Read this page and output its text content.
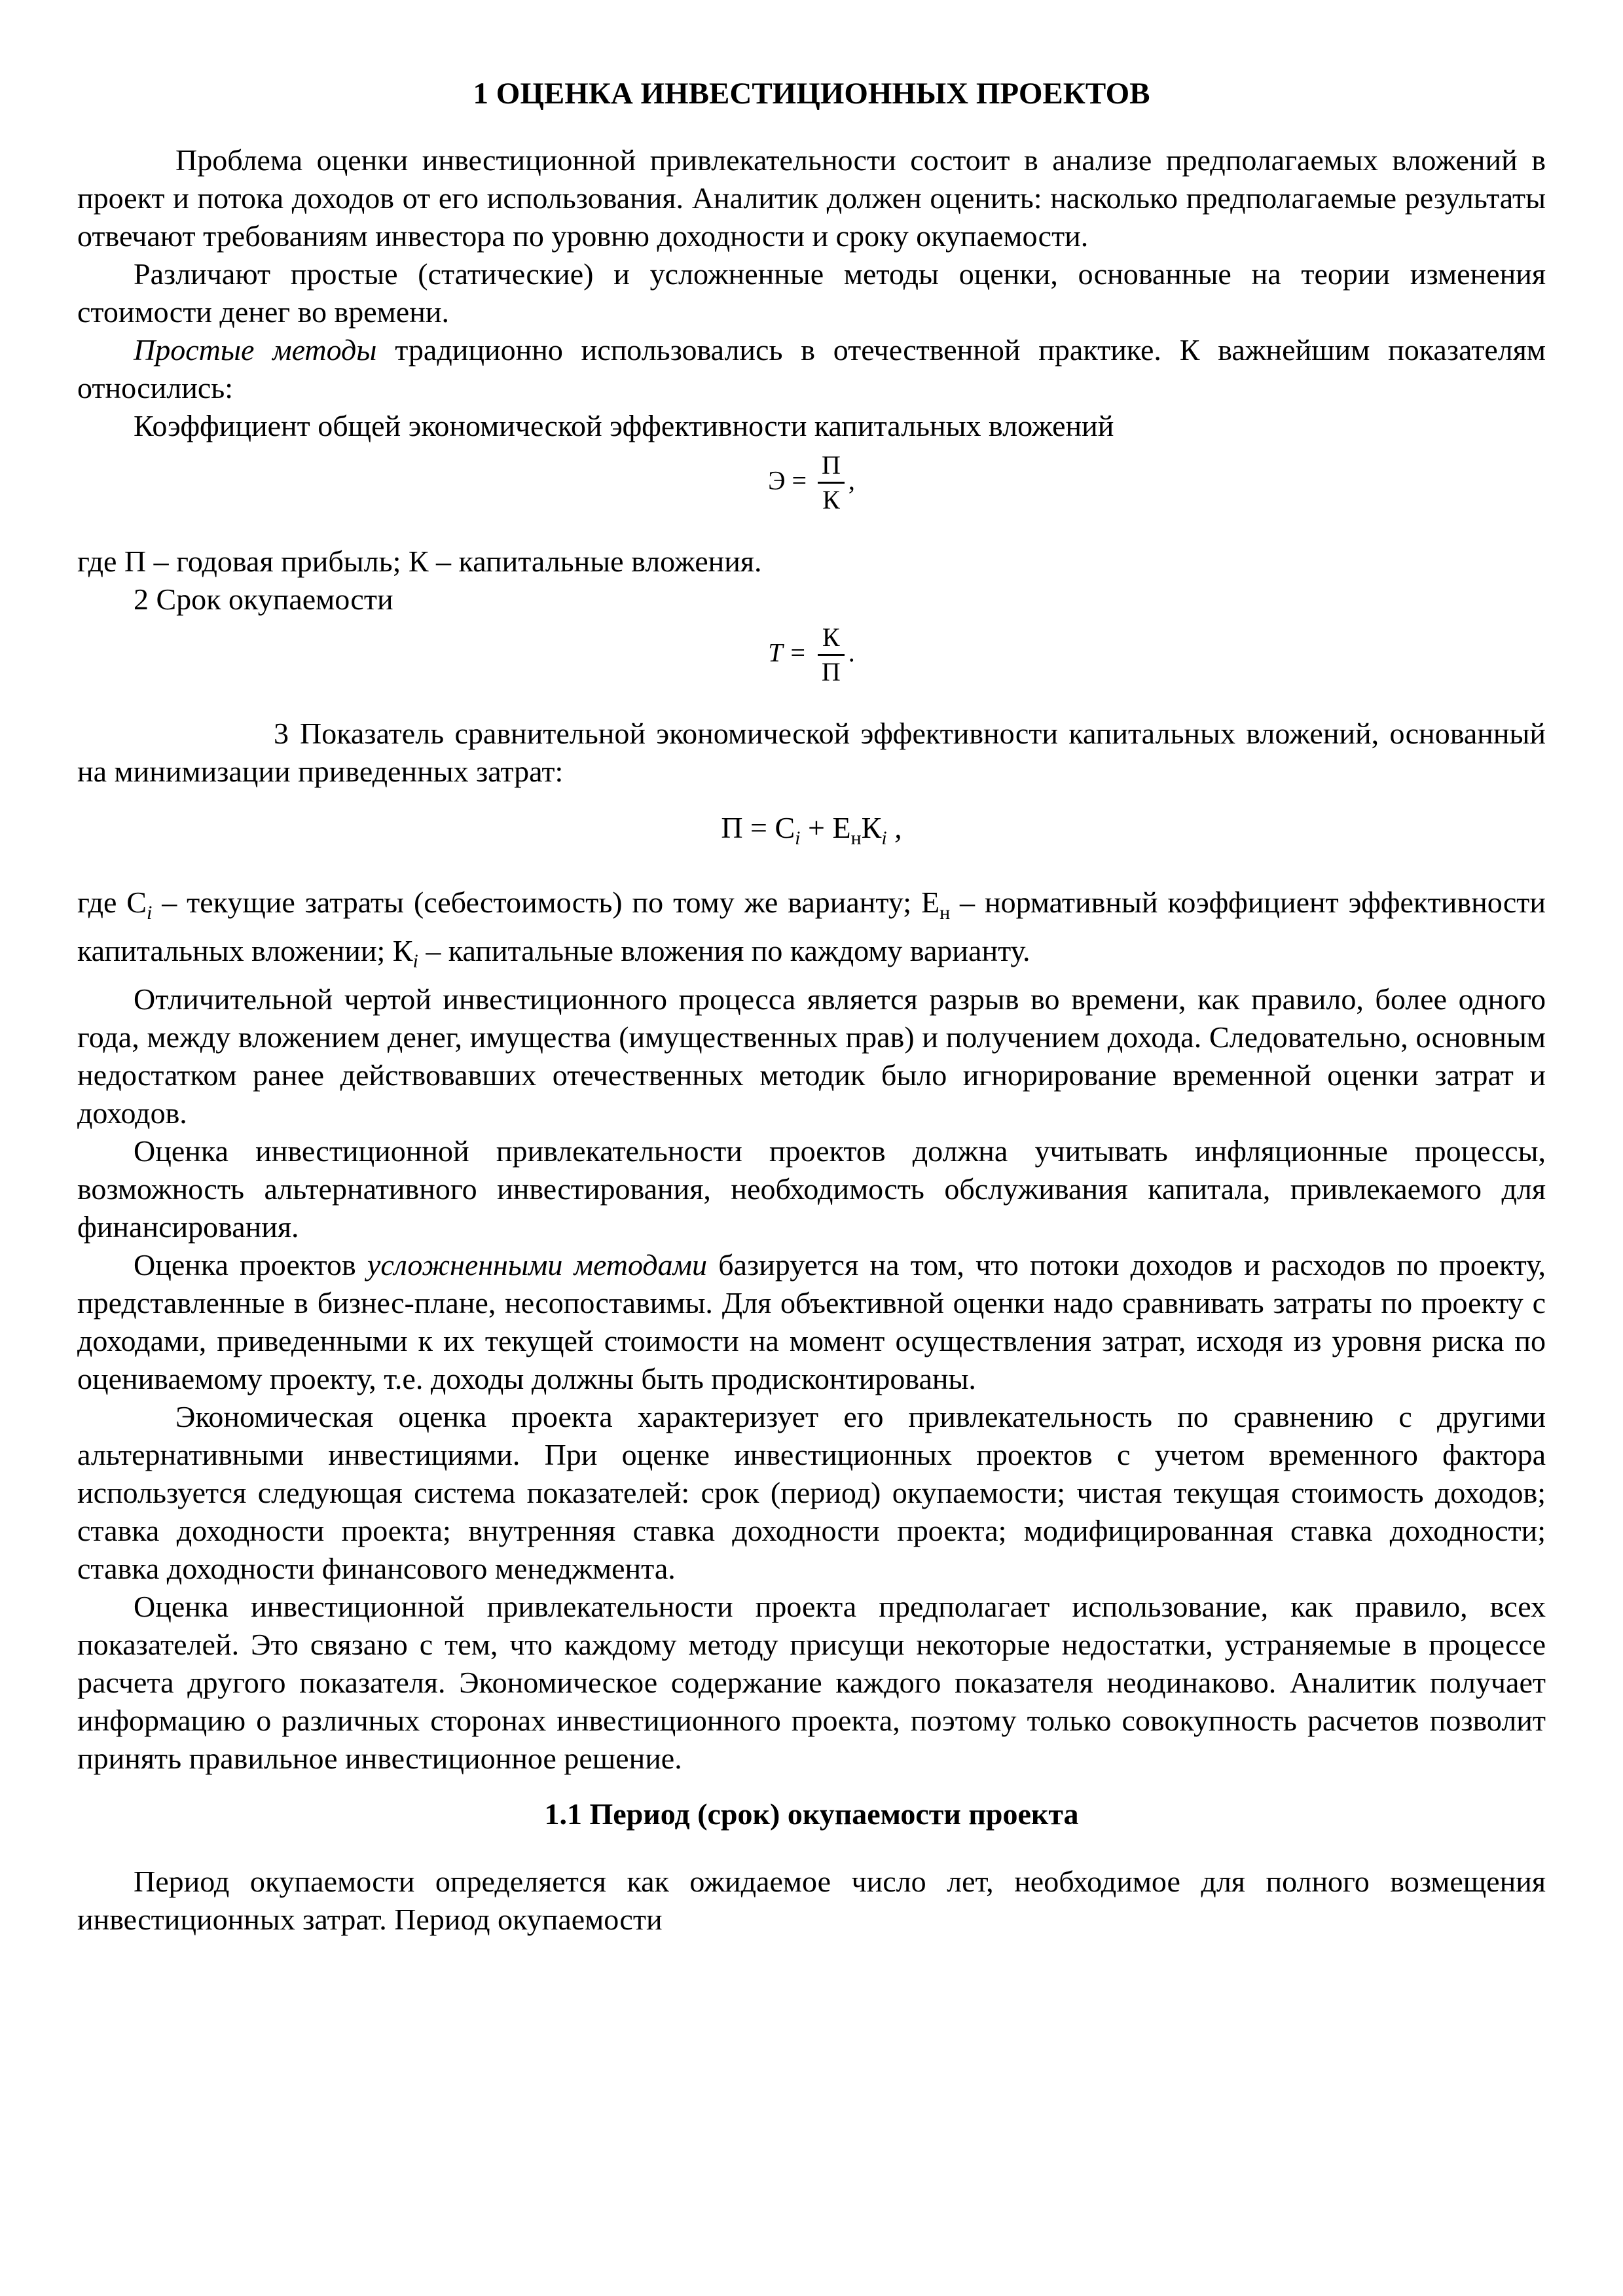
1 ОЦЕНКА ИНВЕСТИЦИОННЫХ ПРОЕКТОВ

Проблема оценки инвестиционной привлекательности состоит в анализе предполагаемых вложений в проект и потока доходов от его использования. Аналитик должен оценить: насколько предполагаемые результаты отвечают требованиям инвестора по уровню доходности и сроку окупаемости.

Различают простые (статические) и усложненные методы оценки, основанные на теории изменения стоимости денег во времени.

Простые методы традиционно использовались в отечественной практике. К важнейшим показателям относились:

Коэффициент общей экономической эффективности капитальных вложений

$Э = \frac{П}{К}$ ,

где П – годовая прибыль; К – капитальные вложения.

2 Срок окупаемости

$T = \frac{К}{П}$ .

3 Показатель сравнительной экономической эффективности капитальных вложений, основанный на минимизации приведенных затрат:

$П = С_i + Е_нК_i$ ,

где $С_i$ – текущие затраты (себестоимость) по тому же варианту; $Е_н$ – нормативный коэффициент эффективности капитальных вложении; $К_i$ – капитальные вложения по каждому варианту.

Отличительной чертой инвестиционного процесса является разрыв во времени, как правило, более одного года, между вложением денег, имущества (имущественных прав) и получением дохода. Следовательно, основным недостатком ранее действовавших отечественных методик было игнорирование временной оценки затрат и доходов.

Оценка инвестиционной привлекательности проектов должна учитывать инфляционные процессы, возможность альтернативного инвестирования, необходимость обслуживания капитала, привлекаемого для финансирования.

Оценка проектов усложненными методами базируется на том, что потоки доходов и расходов по проекту, представленные в бизнес-плане, несопоставимы. Для объективной оценки надо сравнивать затраты по проекту с доходами, приведенными к их текущей стоимости на момент осуществления затрат, исходя из уровня риска по оцениваемому проекту, т.е. доходы должны быть продисконтированы.

Экономическая оценка проекта характеризует его привлекательность по сравнению с другими альтернативными инвестициями. При оценке инвестиционных проектов с учетом временного фактора используется следующая система показателей: срок (период) окупаемости; чистая текущая стоимость доходов; ставка доходности проекта; внутренняя ставка доходности проекта; модифицированная ставка доходности; ставка доходности финансового менеджмента.

Оценка инвестиционной привлекательности проекта предполагает использование, как правило, всех показателей. Это связано с тем, что каждому методу присущи некоторые недостатки, устраняемые в процессе расчета другого показателя. Экономическое содержание каждого показателя неодинаково. Аналитик получает информацию о различных сторонах инвестиционного проекта, поэтому только совокупность расчетов позволит принять правильное инвестиционное решение.

1.1 Период (срок) окупаемости проекта

Период окупаемости определяется как ожидаемое число лет, необходимое для полного возмещения инвестиционных затрат. Период окупаемости
